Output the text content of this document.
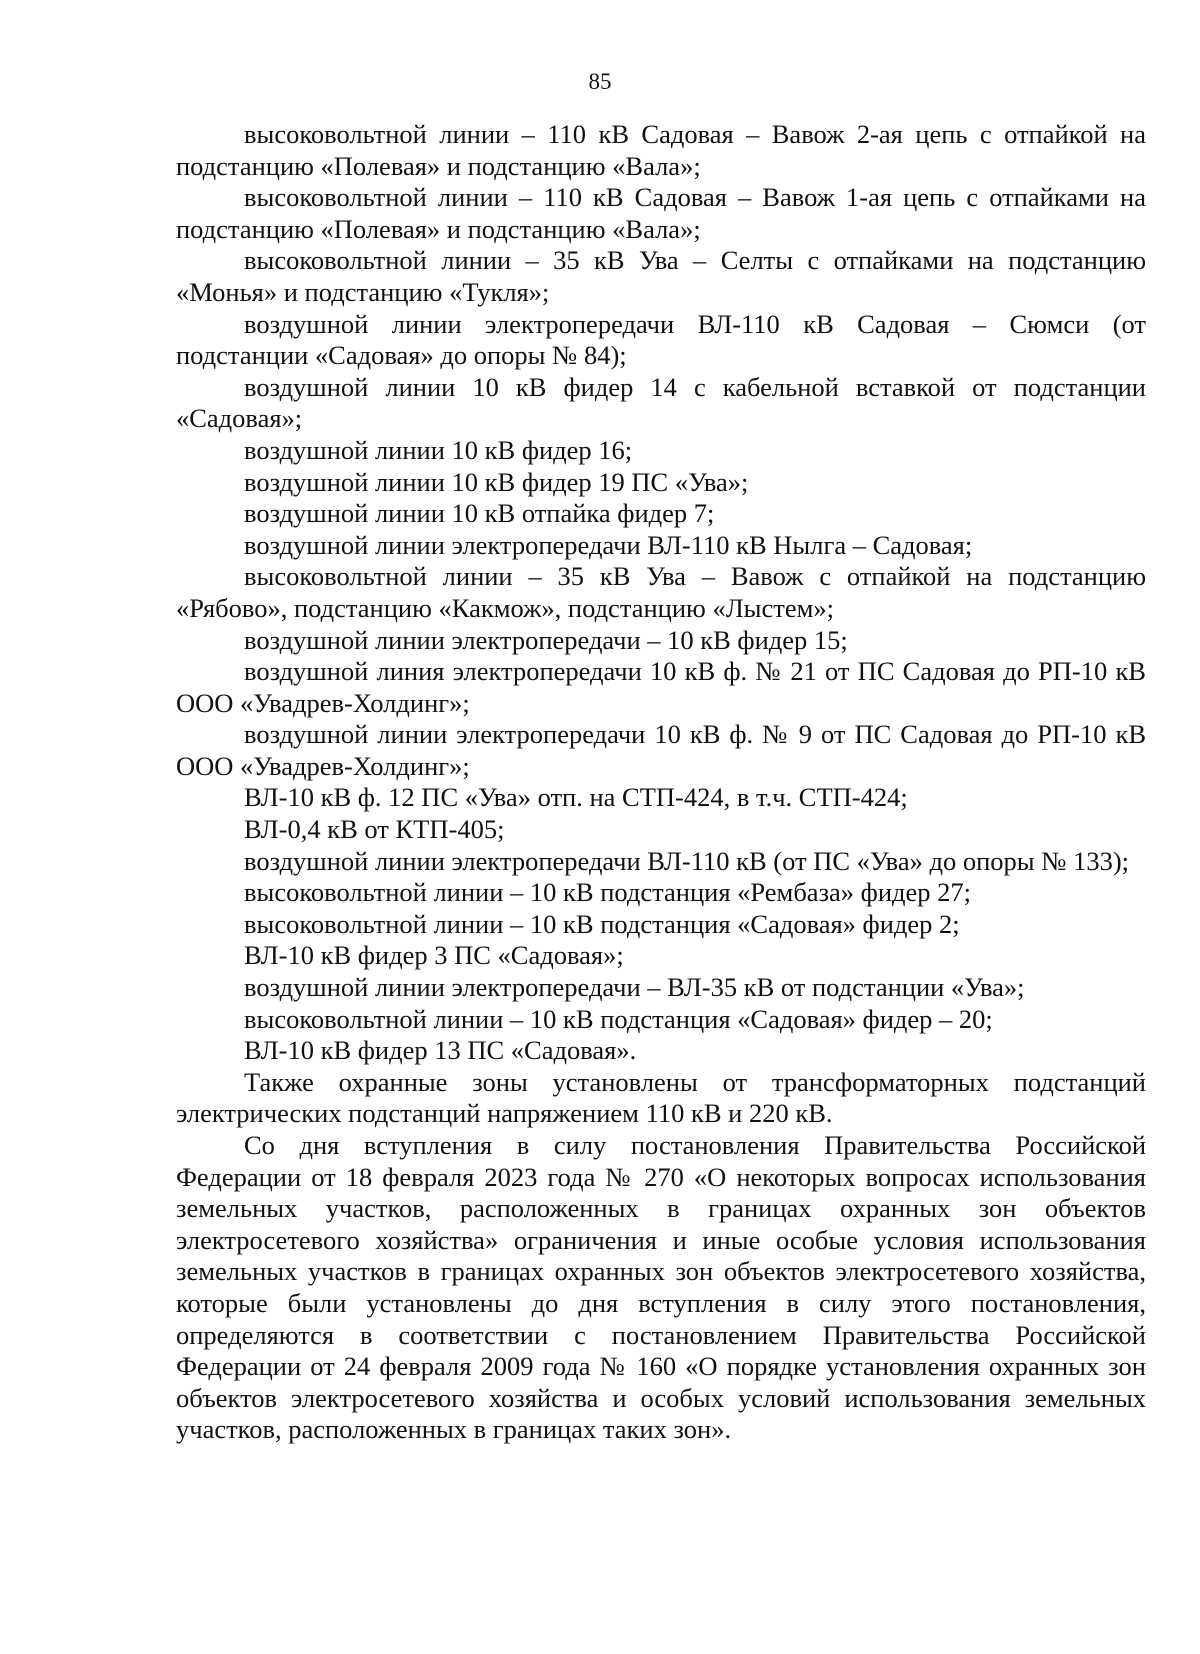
85

высоковольтной линии – 110 кВ Садовая – Вавож 2-ая цепь с отпайкой на подстанцию «Полевая» и подстанцию «Вала»;

высоковольтной линии – 110 кВ Садовая – Вавож 1-ая цепь с отпайками на подстанцию «Полевая» и подстанцию «Вала»;

высоковольтной линии – 35 кВ Ува – Селты с отпайками на подстанцию «Монья» и подстанцию «Тукля»;

воздушной линии электропередачи ВЛ-110 кВ Садовая – Сюмси (от подстанции «Садовая» до опоры № 84);

воздушной линии 10 кВ фидер 14 с кабельной вставкой от подстанции «Садовая»;

воздушной линии 10 кВ фидер 16;

воздушной линии 10 кВ фидер 19 ПС «Ува»;

воздушной линии 10 кВ отпайка фидер 7;

воздушной линии электропередачи ВЛ-110 кВ Нылга – Садовая;

высоковольтной линии – 35 кВ Ува – Вавож с отпайкой на подстанцию «Рябово», подстанцию «Какмож», подстанцию «Лыстем»;

воздушной линии электропередачи – 10 кВ фидер 15;

воздушной линия электропередачи 10 кВ ф. № 21 от ПС Садовая до РП-10 кВ ООО «Увадрев-Холдинг»;

воздушной линии электропередачи 10 кВ ф. № 9 от ПС Садовая до РП-10 кВ ООО «Увадрев-Холдинг»;

ВЛ-10 кВ ф. 12 ПС «Ува» отп. на СТП-424, в т.ч. СТП-424;

ВЛ-0,4 кВ от КТП-405;

воздушной линии электропередачи ВЛ-110 кВ (от ПС «Ува» до опоры № 133);

высоковольтной линии – 10 кВ подстанция «Рембаза» фидер 27;

высоковольтной линии – 10 кВ подстанция «Садовая» фидер 2;

ВЛ-10 кВ фидер 3 ПС «Садовая»;

воздушной линии электропередачи – ВЛ-35 кВ от подстанции «Ува»;

высоковольтной линии – 10 кВ подстанция «Садовая» фидер – 20;

ВЛ-10 кВ фидер 13 ПС «Садовая».

Также охранные зоны установлены от трансформаторных подстанций электрических подстанций напряжением 110 кВ и 220 кВ.

Со дня вступления в силу постановления Правительства Российской Федерации от 18 февраля 2023 года № 270 «О некоторых вопросах использования земельных участков, расположенных в границах охранных зон объектов электросетевого хозяйства» ограничения и иные особые условия использования земельных участков в границах охранных зон объектов электросетевого хозяйства, которые были установлены до дня вступления в силу этого постановления, определяются в соответствии с постановлением Правительства Российской Федерации от 24 февраля 2009 года № 160 «О порядке установления охранных зон объектов электросетевого хозяйства и особых условий использования земельных участков, расположенных в границах таких зон».
